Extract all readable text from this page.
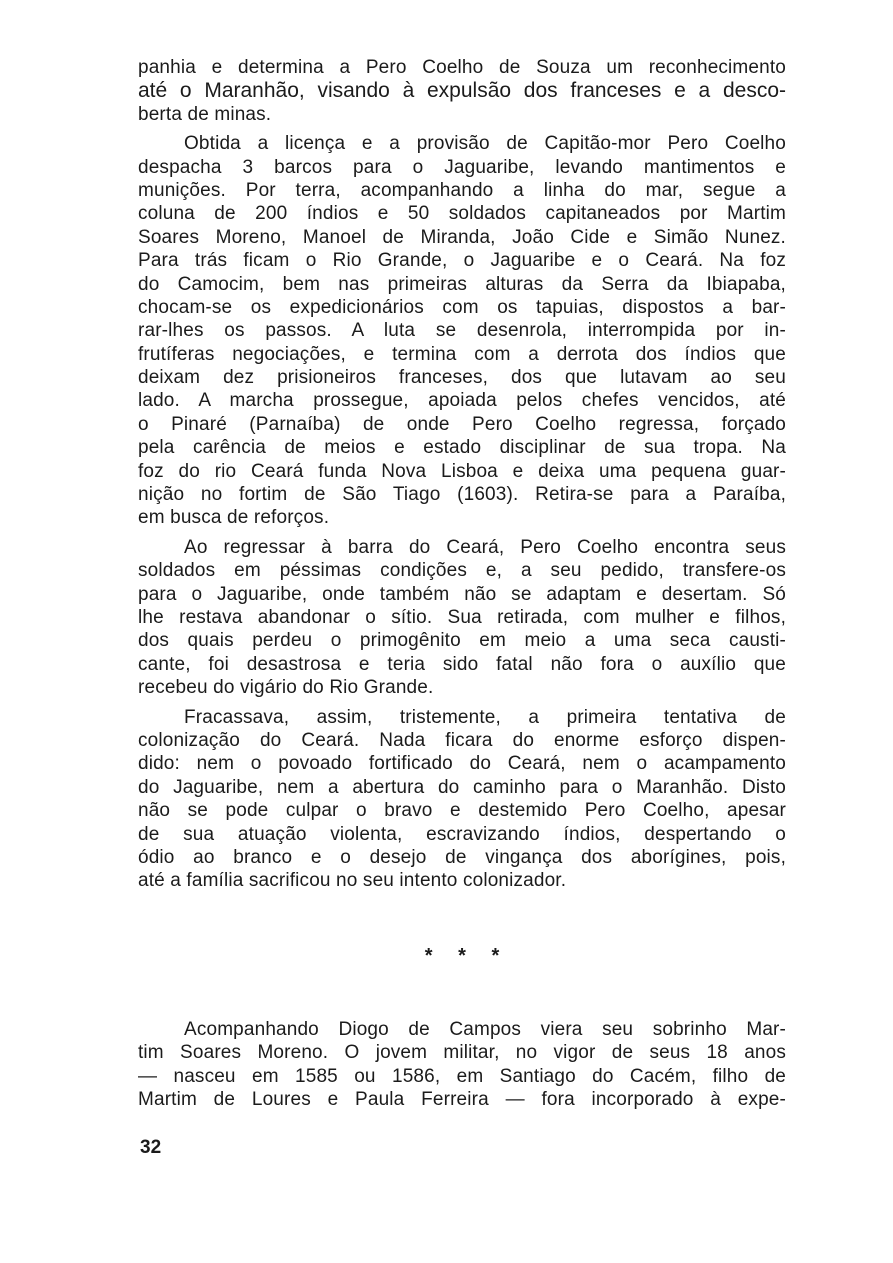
panhia e determina a Pero Coelho de Souza um reconhecimento
até o Maranhão, visando à expulsão dos franceses e a desco-
berta de minas.
Obtida a licença e a provisão de Capitão-mor Pero Coelho
despacha 3 barcos para o Jaguaribe, levando mantimentos e
munições. Por terra, acompanhando a linha do mar, segue a
coluna de 200 índios e 50 soldados capitaneados por Martim
Soares Moreno, Manoel de Miranda, João Cide e Simão Nunez.
Para trás ficam o Rio Grande, o Jaguaribe e o Ceará. Na foz
do Camocim, bem nas primeiras alturas da Serra da Ibiapaba,
chocam-se os expedicionários com os tapuias, dispostos a bar-
rar-lhes os passos. A luta se desenrola, interrompida por in-
frutíferas negociações, e termina com a derrota dos índios que
deixam dez prisioneiros franceses, dos que lutavam ao seu
lado. A marcha prossegue, apoiada pelos chefes vencidos, até
o Pinaré (Parnaíba) de onde Pero Coelho regressa, forçado
pela carência de meios e estado disciplinar de sua tropa. Na
foz do rio Ceará funda Nova Lisboa e deixa uma pequena guar-
nição no fortim de São Tiago (1603). Retira-se para a Paraíba,
em busca de reforços.
Ao regressar à barra do Ceará, Pero Coelho encontra seus
soldados em péssimas condições e, a seu pedido, transfere-os
para o Jaguaribe, onde também não se adaptam e desertam. Só
lhe restava abandonar o sítio. Sua retirada, com mulher e filhos,
dos quais perdeu o primogênito em meio a uma seca causti-
cante, foi desastrosa e teria sido fatal não fora o auxílio que
recebeu do vigário do Rio Grande.
Fracassava, assim, tristemente, a primeira tentativa de
colonização do Ceará. Nada ficara do enorme esforço dispen-
dido: nem o povoado fortificado do Ceará, nem o acampamento
do Jaguaribe, nem a abertura do caminho para o Maranhão. Disto
não se pode culpar o bravo e destemido Pero Coelho, apesar
de sua atuação violenta, escravizando índios, despertando o
ódio ao branco e o desejo de vingança dos aborígines, pois,
até a família sacrificou no seu intento colonizador.
* * *
Acompanhando Diogo de Campos viera seu sobrinho Mar-
tim Soares Moreno. O jovem militar, no vigor de seus 18 anos
— nasceu em 1585 ou 1586, em Santiago do Cacém, filho de
Martim de Loures e Paula Ferreira — fora incorporado à expe-
32
